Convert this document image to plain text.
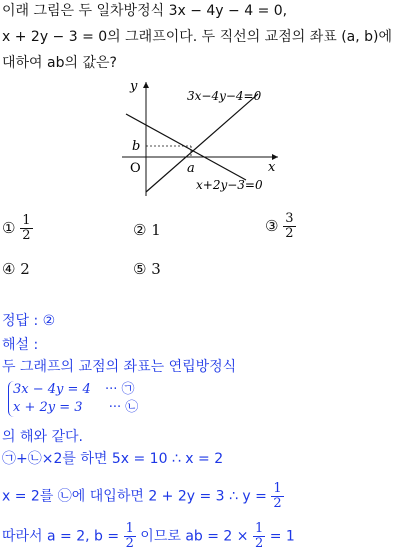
이래 그림은 두 일차방정식 3x − 4y − 4 = 0,
x + 2y − 3 = 0의 그래프이다. 두 직선의 교점의 좌표 (a, b)에
대하여 ab의 값은?
y
x
O
b
a
3x−4y−4=0
x+2y−3=0
① $\frac{1}{2}$	② 1	③ $\frac{3}{2}$
④ 2	⑤ 3
정답 : ②
해설 :
두 그래프의 교점의 좌표는 연립방정식
3x − 4y = 4 ··· ㉠
x + 2y = 3 ··· ㉡
의 해와 같다.
㉠+㉡×2를 하면 5x = 10 ∴ x = 2
x = 2를 ㉡에 대입하면 2 + 2y = 3 ∴ $y = \frac{1}{2}$
따라서 a = 2, $b = \frac{1}{2}$ 이므로 ab = $2 \times \frac{1}{2} = 1$
